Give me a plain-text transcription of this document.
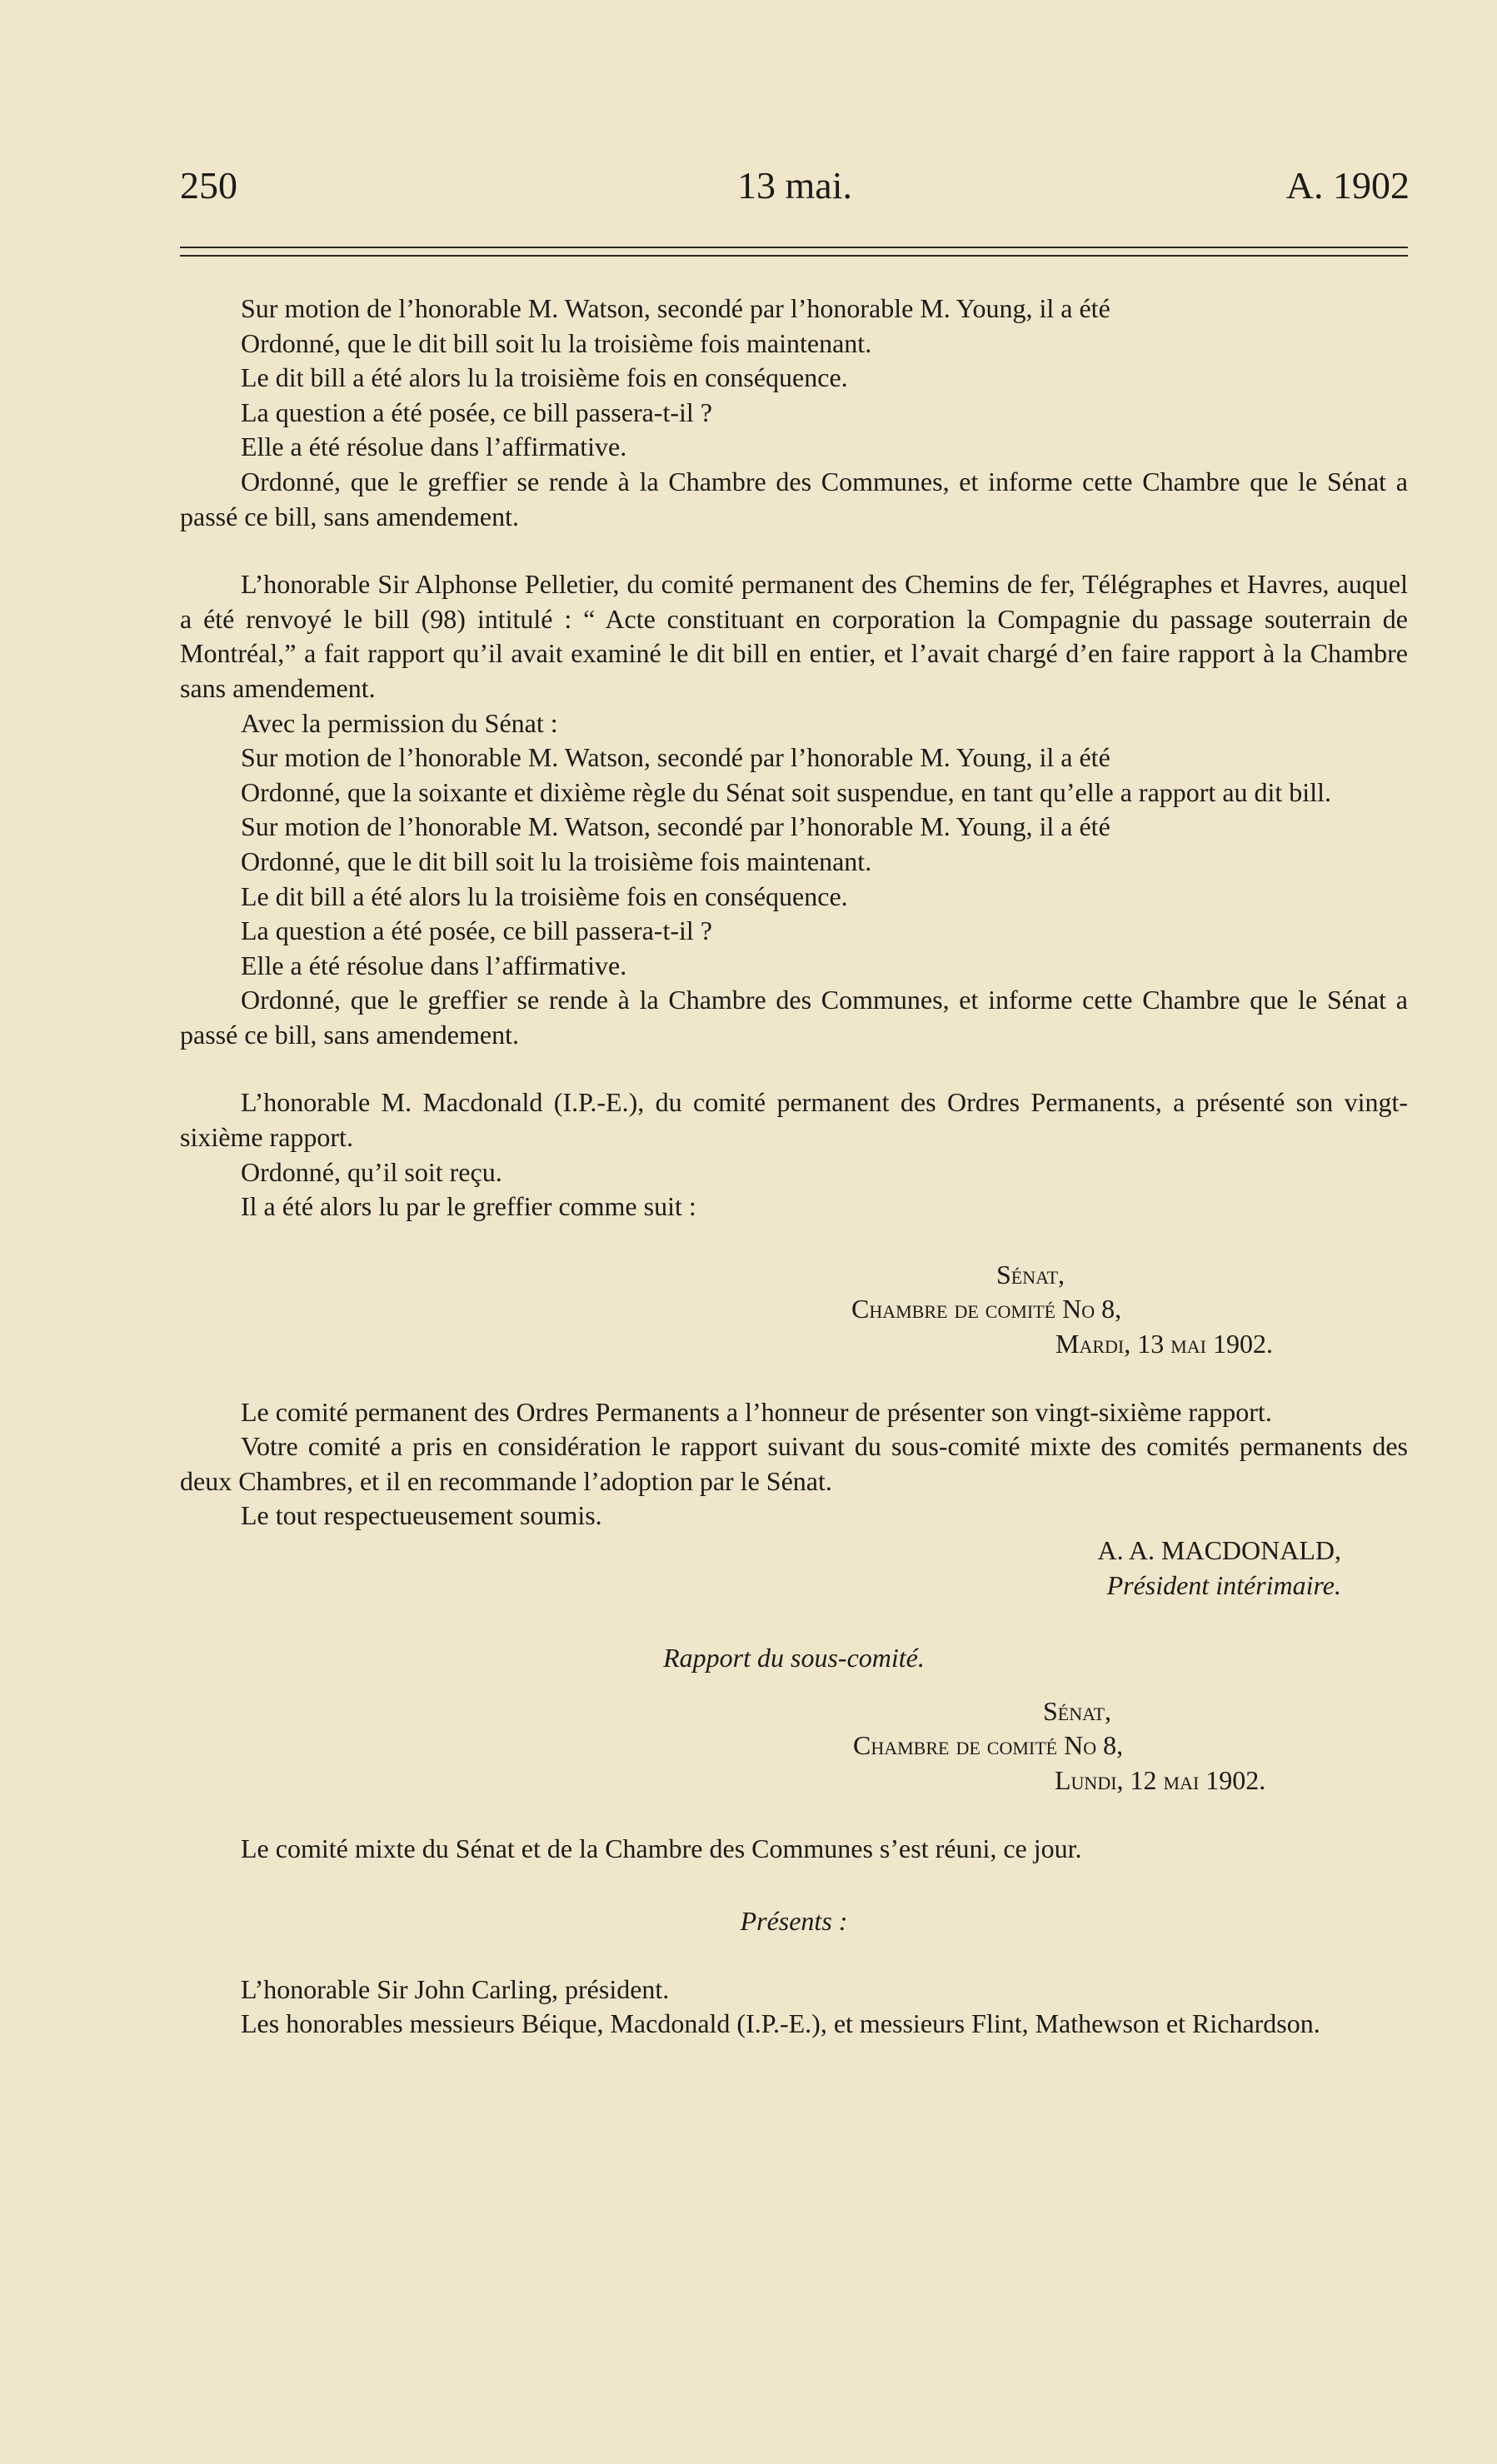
250	13 mai.	A. 1902

Sur motion de l’honorable M. Watson, secondé par l’honorable M. Young, il a été

Ordonné, que le dit bill soit lu la troisième fois maintenant.

Le dit bill a été alors lu la troisième fois en conséquence.

La question a été posée, ce bill passera-t-il ?

Elle a été résolue dans l’affirmative.

Ordonné, que le greffier se rende à la Chambre des Communes, et informe cette Chambre que le Sénat a passé ce bill, sans amendement.

L’honorable Sir Alphonse Pelletier, du comité permanent des Chemins de fer, Télégraphes et Havres, auquel a été renvoyé le bill (98) intitulé : “ Acte constituant en corporation la Compagnie du passage souterrain de Montréal,” a fait rapport qu’il avait examiné le dit bill en entier, et l’avait chargé d’en faire rapport à la Chambre sans amendement.

Avec la permission du Sénat :

Sur motion de l’honorable M. Watson, secondé par l’honorable M. Young, il a été

Ordonné, que la soixante et dixième règle du Sénat soit suspendue, en tant qu’elle a rapport au dit bill.

Sur motion de l’honorable M. Watson, secondé par l’honorable M. Young, il a été

Ordonné, que le dit bill soit lu la troisième fois maintenant.

Le dit bill a été alors lu la troisième fois en conséquence.

La question a été posée, ce bill passera-t-il ?

Elle a été résolue dans l’affirmative.

Ordonné, que le greffier se rende à la Chambre des Communes, et informe cette Chambre que le Sénat a passé ce bill, sans amendement.

L’honorable M. Macdonald (I.P.-E.), du comité permanent des Ordres Permanents, a présenté son vingt-sixième rapport.

Ordonné, qu’il soit reçu.

Il a été alors lu par le greffier comme suit :

Sénat,

Chambre de comité No 8,

Mardi, 13 mai 1902.

Le comité permanent des Ordres Permanents a l’honneur de présenter son vingt-sixième rapport.

Votre comité a pris en considération le rapport suivant du sous-comité mixte des comités permanents des deux Chambres, et il en recommande l’adoption par le Sénat.

Le tout respectueusement soumis.

A. A. MACDONALD,

Président intérimaire.

Rapport du sous-comité.

Sénat,

Chambre de comité No 8,

Lundi, 12 mai 1902.

Le comité mixte du Sénat et de la Chambre des Communes s’est réuni, ce jour.

Présents :

L’honorable Sir John Carling, président.

Les honorables messieurs Béique, Macdonald (I.P.-E.), et messieurs Flint, Mathewson et Richardson.
